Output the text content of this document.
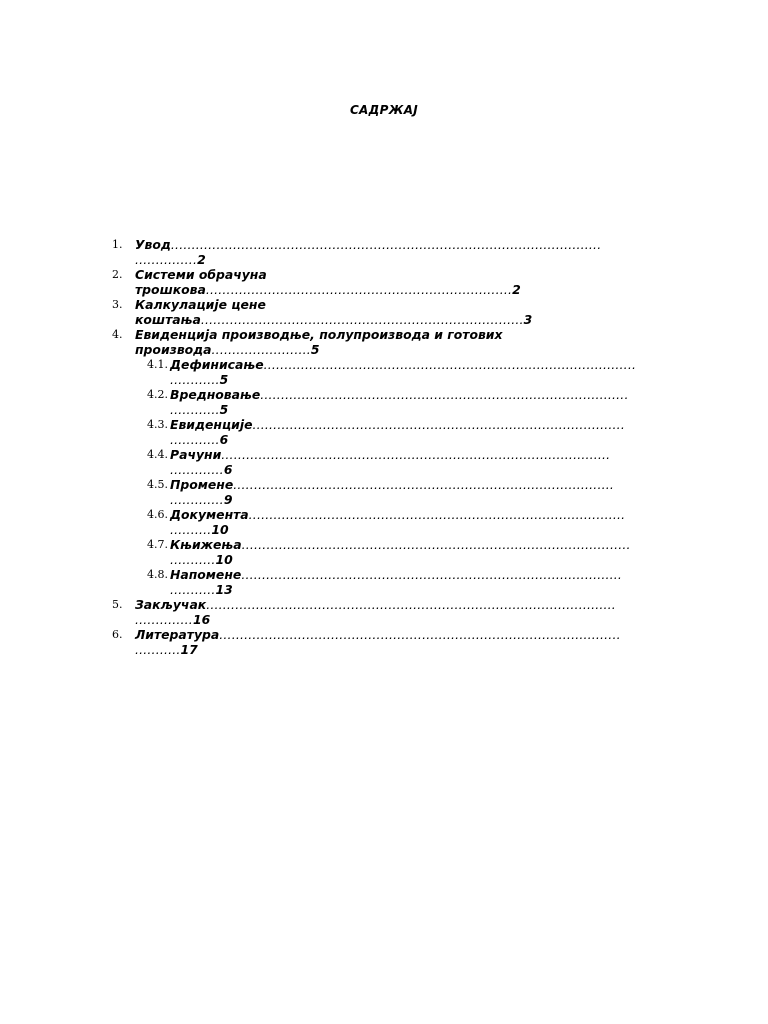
САДРЖАЈ
1. Увод........................................................................................................
...............2
2. Системи обрачуна
трошкова..........................................................................2
3. Калкулације цене
коштања..............................................................................3
4. Евиденција производње, полупроизвода и готових
производа........................5
4.1. Дефинисање..........................................................................................
............5
4.2. Вредновање.........................................................................................
............5
4.3. Евиденције..........................................................................................
............6
4.4. Рачуни..............................................................................................
.............6
4.5. Промене............................................................................................
.............9
4.6. Документа...........................................................................................
..........10
4.7. Књижења..............................................................................................
...........10
4.8. Напомене............................................................................................
...........13
5. Закључак...................................................................................................
..............16
6. Литература.................................................................................................
...........17
